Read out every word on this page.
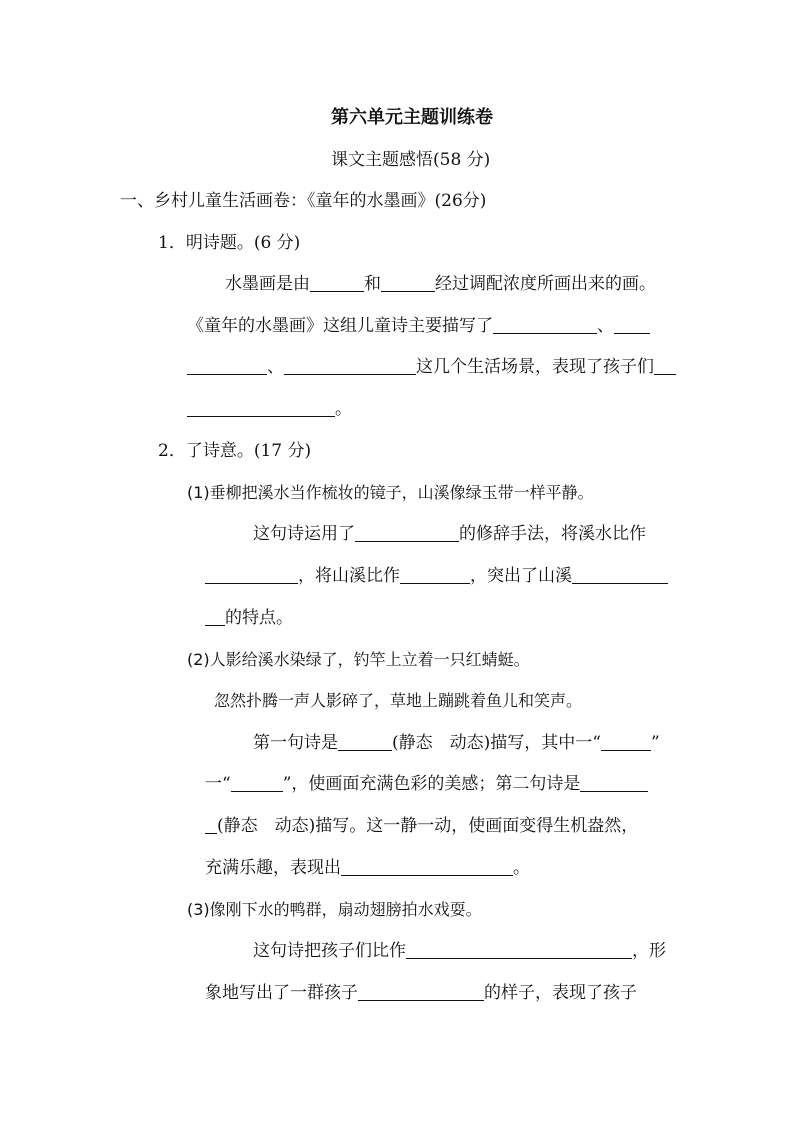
第六单元主题训练卷
课文主题感悟(58 分)
一、乡村儿童生活画卷：《童年的水墨画》(26分)
1．明诗题。(6 分)
水墨画是由	和	经过调配浓度所画出来的画。
《童年的水墨画》这组儿童诗主要描写了	、
、	这几个生活场景，表现了孩子们
。
2．了诗意。(17 分)
(1)垂柳把溪水当作梳妆的镜子，山溪像绿玉带一样平静。
这句诗运用了	的修辞手法，将溪水比作
，将山溪比作	，突出了山溪
的特点。
(2)人影给溪水染绿了，钓竿上立着一只红蜻蜓。
忽然扑腾一声人影碎了，草地上蹦跳着鱼儿和笑声。
第一句诗是	(静态　动态)描写，其中一“	”
一“	”，使画面充满色彩的美感；第二句诗是
(静态　动态)描写。这一静一动，使画面变得生机盎然，
充满乐趣，表现出	。
(3)像刚下水的鸭群，扇动翅膀拍水戏耍。
这句诗把孩子们比作	，形
象地写出了一群孩子	的样子，表现了孩子
